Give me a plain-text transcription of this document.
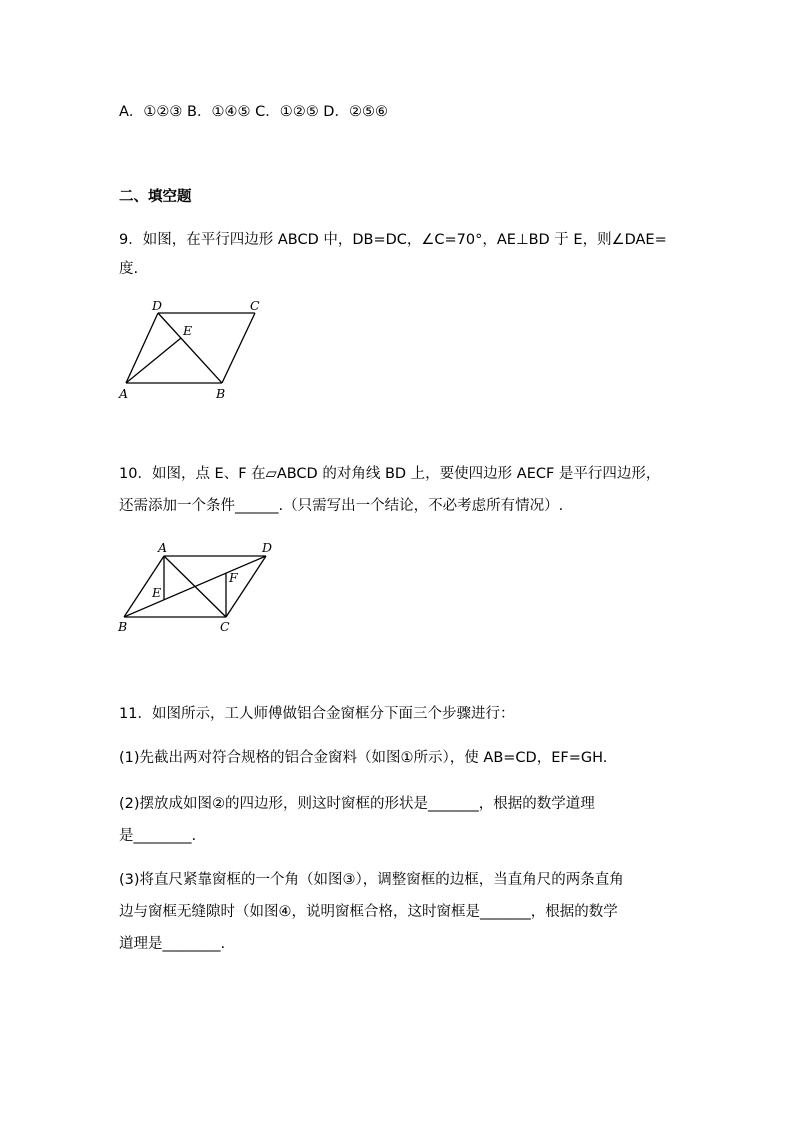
A．①②③ B．①④⑤ C．①②⑤ D．②⑤⑥
二、填空题
9．如图，在平行四边形 ABCD 中，DB=DC，∠C=70°，AE⊥BD 于 E，则∠DAE=
度.
D	C
E
A	B
10．如图，点 E、F 在▱ABCD 的对角线 BD 上，要使四边形 AECF 是平行四边形，
还需添加一个条件______.（只需写出一个结论，不必考虑所有情况）.
A	D
F
E
B	C
11．如图所示，工人师傅做铝合金窗框分下面三个步骤进行：
(1)先截出两对符合规格的铝合金窗料（如图①所示），使 AB=CD，EF=GH.
(2)摆放成如图②的四边形，则这时窗框的形状是_______，根据的数学道理
是________.
(3)将直尺紧靠窗框的一个角（如图③），调整窗框的边框，当直角尺的两条直角
边与窗框无缝隙时（如图④，说明窗框合格，这时窗框是_______，根据的数学
道理是________.
